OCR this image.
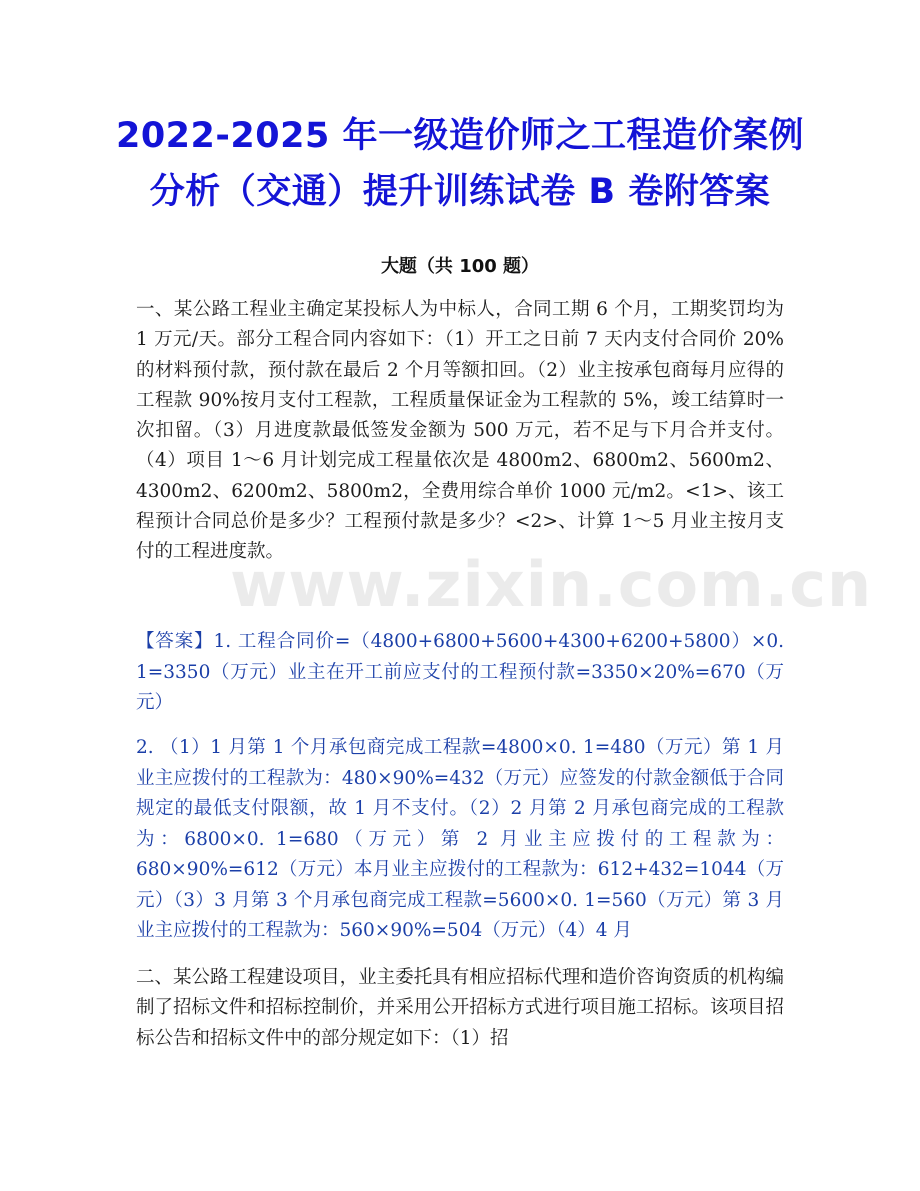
2022-2025 年一级造价师之工程造价案例分析（交通）提升训练试卷 B 卷附答案
大题（共 100 题）
一、某公路工程业主确定某投标人为中标人，合同工期 6 个月，工期奖罚均为 1 万元/天。部分工程合同内容如下：（1）开工之日前 7 天内支付合同价 20%的材料预付款，预付款在最后 2 个月等额扣回。（2）业主按承包商每月应得的工程款 90%按月支付工程款，工程质量保证金为工程款的 5%，竣工结算时一次扣留。（3）月进度款最低签发金额为 500 万元，若不足与下月合并支付。（4）项目 1～6 月计划完成工程量依次是 4800m2、6800m2、5600m2、4300m2、6200m2、5800m2，全费用综合单价 1000 元/m2。<1>、该工程预计合同总价是多少？工程预付款是多少？<2>、计算 1～5 月业主按月支付的工程进度款。
www.zixin.com.cn
【答案】1. 工程合同价=（4800+6800+5600+4300+6200+5800）×0. 1=3350（万元）业主在开工前应支付的工程预付款=3350×20%=670（万元）
2. （1）1 月第 1 个月承包商完成工程款=4800×0. 1=480（万元）第 1 月业主应拨付的工程款为：480×90%=432（万元）应签发的付款金额低于合同规定的最低支付限额，故 1 月不支付。（2）2 月第 2 月承包商完成的工程款为：6800×0. 1=680（万元）第 2 月业主应拨付的工程款为：680×90%=612（万元）本月业主应拨付的工程款为：612+432=1044（万元）（3）3 月第 3 个月承包商完成工程款=5600×0. 1=560（万元）第 3 月业主应拨付的工程款为：560×90%=504（万元）（4）4 月
二、某公路工程建设项目，业主委托具有相应招标代理和造价咨询资质的机构编制了招标文件和招标控制价，并采用公开招标方式进行项目施工招标。该项目招标公告和招标文件中的部分规定如下：（1）招
